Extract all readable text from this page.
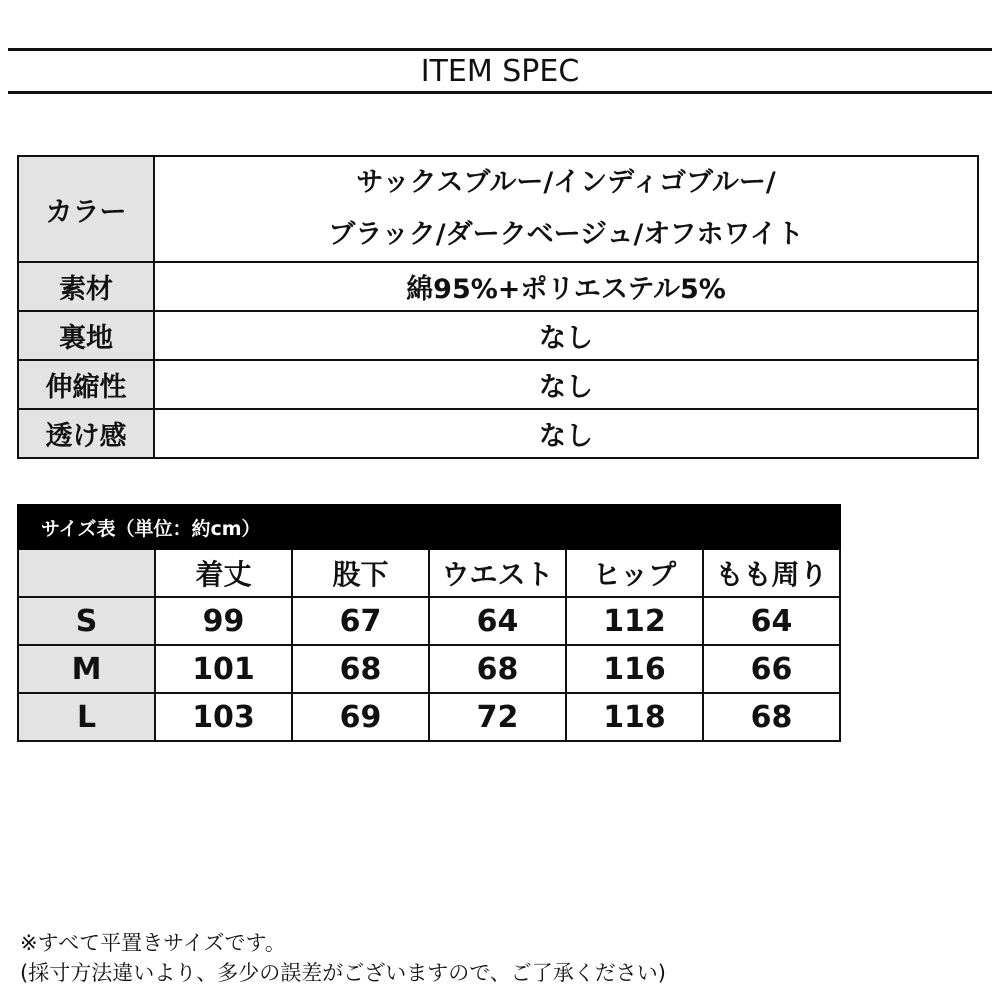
ITEM SPEC
カラー	サックスブルー/インディゴブルー/
ブラック/ダークベージュ/オフホワイト

素材	綿95%+ポリエステル5%
裏地	なし
伸縮性	なし
透け感	なし
サイズ表（単位：約cm）					
	着丈	股下	ウエスト	ヒップ	もも周り
S	99	67	64	112	64
M	101	68	68	116	66
L	103	69	72	118	68
※すべて平置きサイズです。
(採寸方法違いより、多少の誤差がございますので、ご了承ください)
